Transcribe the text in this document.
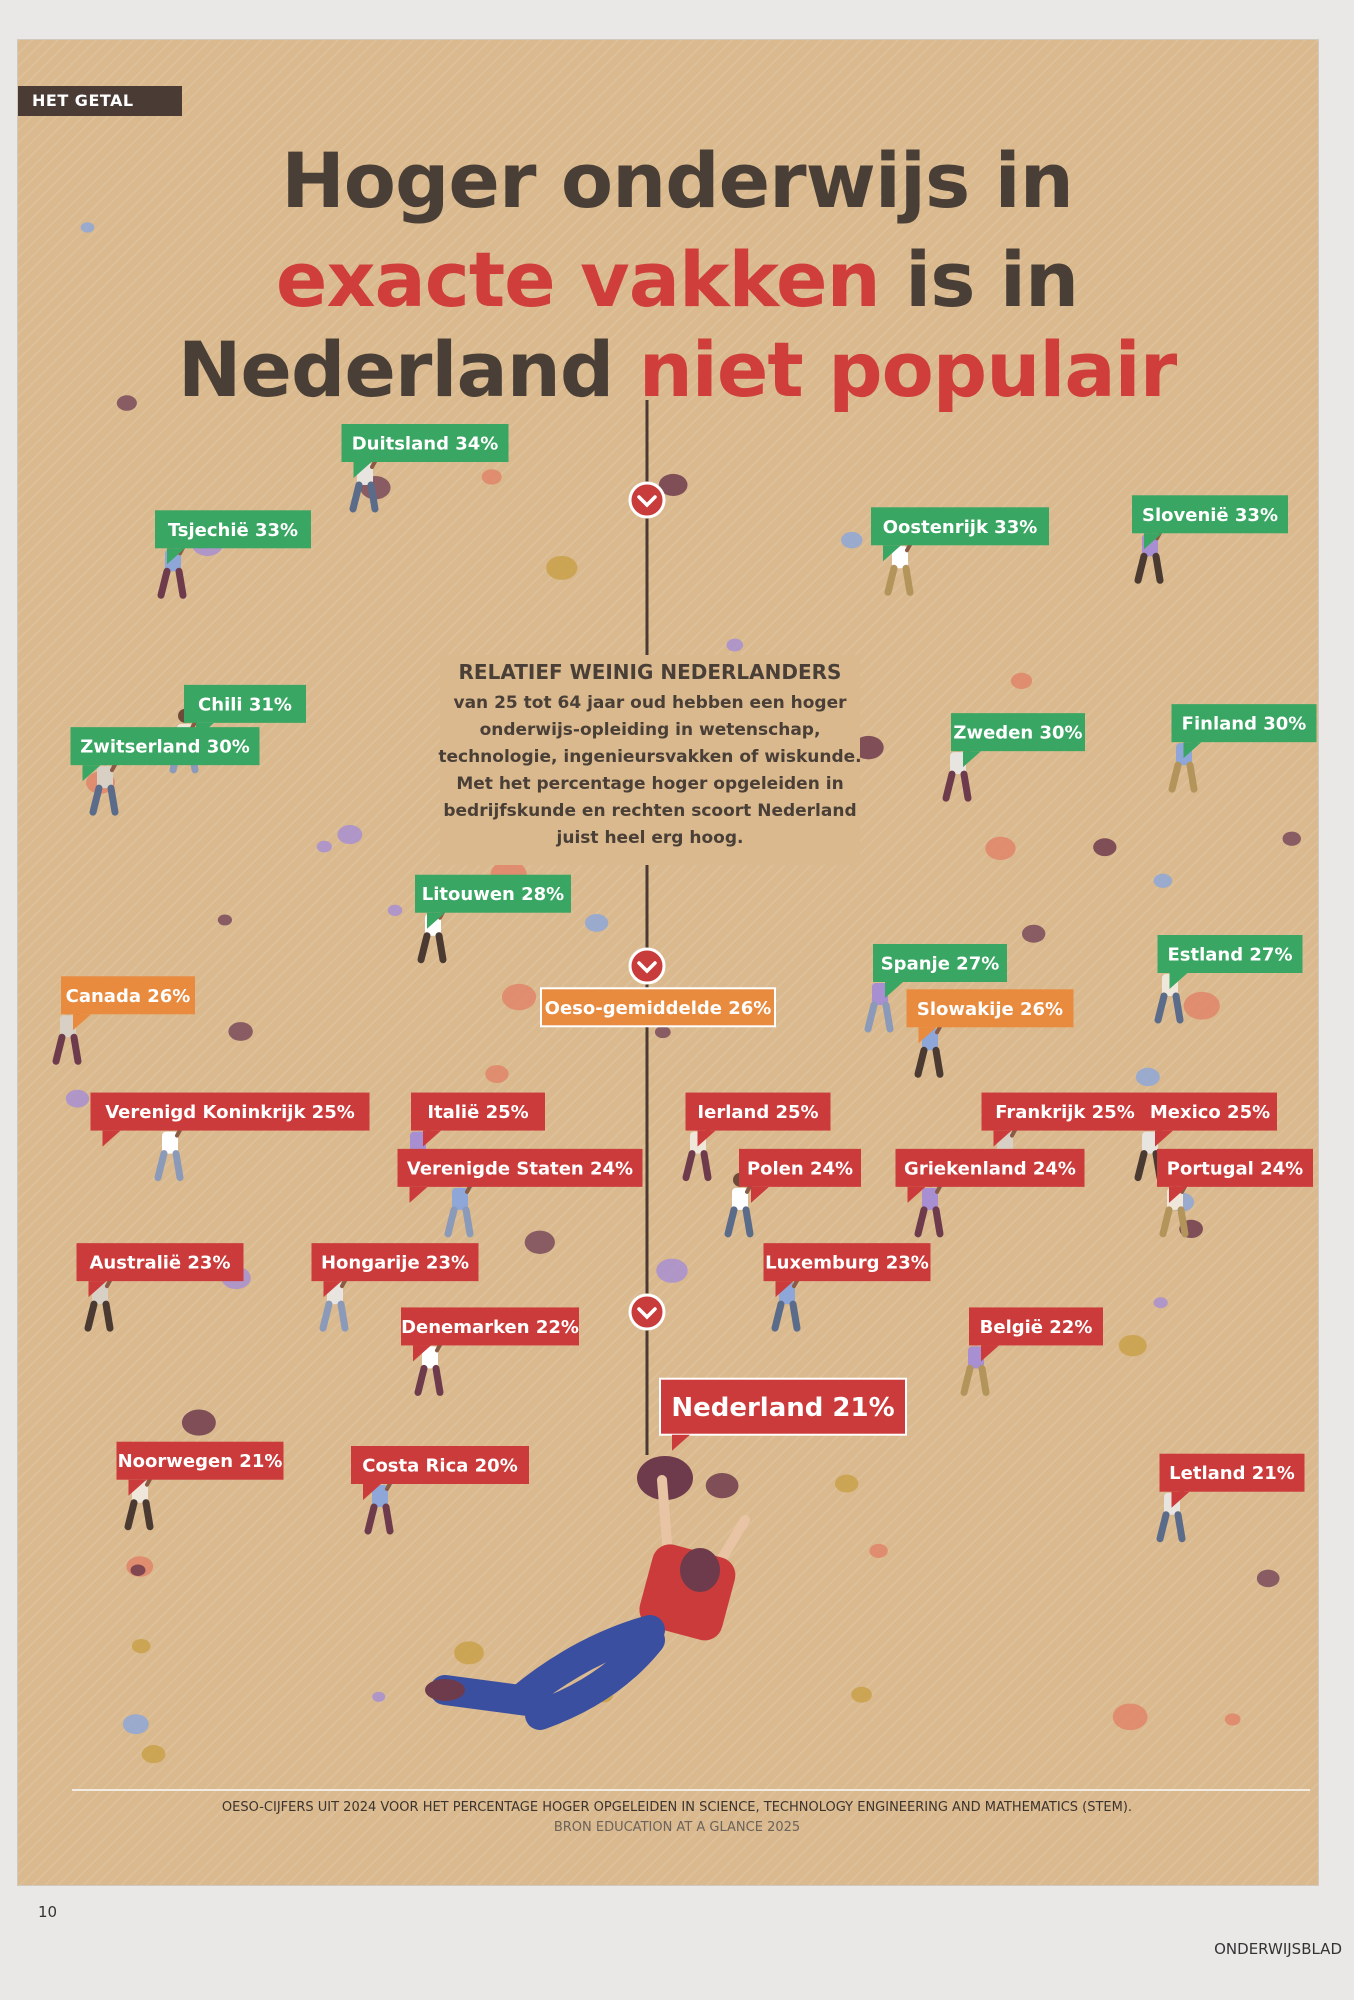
HET GETAL
Hoger onderwijs in
exacte vakken is in
Nederland niet populair
Duitsland 34%
Tsjechië 33%	Oostenrijk 33%
Slovenië 33%
Chili 31%
Zwitserland 30%
Zweden 30%	Finland 30%
Litouwen 28%
Spanje 27%	Estland 27%
Canada 26%
Oeso-gemiddelde 26%	Slowakije 26%
Verenigd Koninkrijk 25%	Italië 25%	Ierland 25%	Frankrijk 25% Mexico 25%
Verenigde Staten 24%	Polen 24%	Griekenland 24%	Portugal 24%
Australië 23%	Hongarije 23%	Luxemburg 23%
Denemarken 22%	België 22%
Noorwegen 21%
Nederland 21%
Letland 21%
Costa Rica 20%
RELATIEF WEINIG NEDERLANDERS
van 25 tot 64 jaar oud hebben een hoger onderwijs-opleiding in wetenschap, technologie, ingenieursvakken of wiskunde. Met het percentage hoger opgeleiden in bedrijfskunde en rechten scoort Nederland juist heel erg hoog.
OESO-CIJFERS UIT 2024 VOOR HET PERCENTAGE HOGER OPGELEIDEN IN SCIENCE, TECHNOLOGY ENGINEERING AND MATHEMATICS (STEM).
BRON EDUCATION AT A GLANCE 2025
10
ONDERWIJSBLAD
